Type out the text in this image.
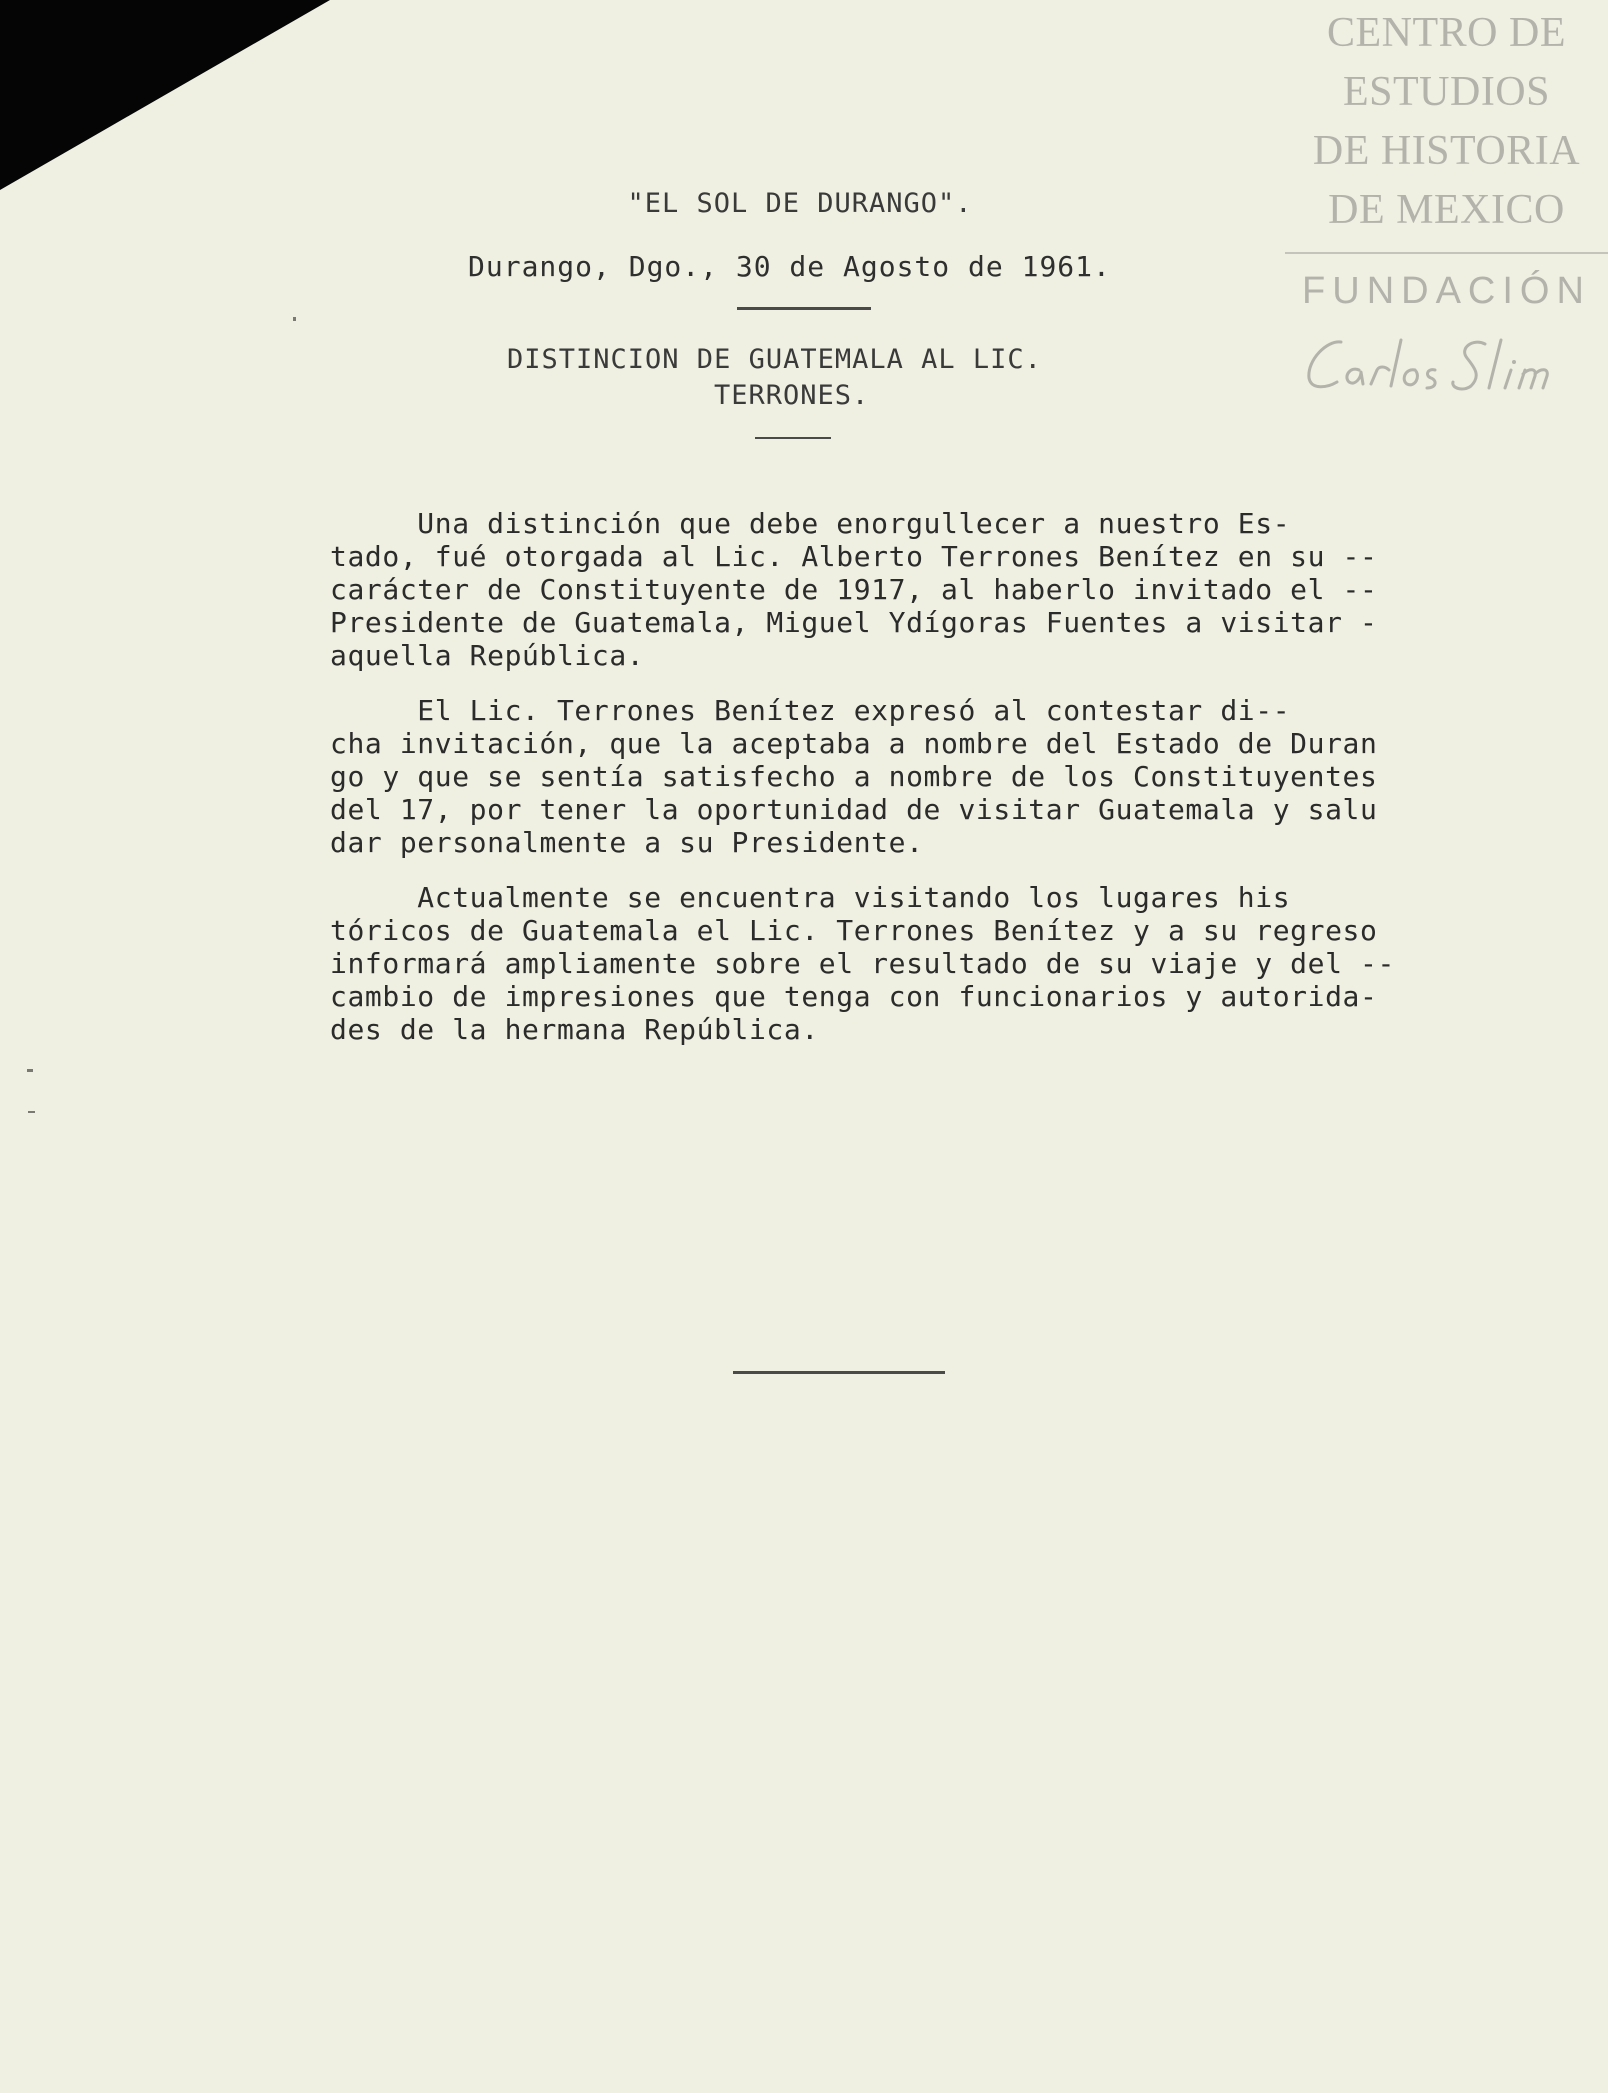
CENTRO DE
ESTUDIOS
DE HISTORIA
DE MEXICO
FUNDACIÓN
"EL SOL DE DURANGO".
Durango, Dgo., 30 de Agosto de 1961.
DISTINCION DE GUATEMALA AL LIC.
TERRONES.
Una distinción que debe enorgullecer a nuestro Es-
tado, fué otorgada al Lic. Alberto Terrones Benítez en su --
carácter de Constituyente de 1917, al haberlo invitado el --
Presidente de Guatemala, Miguel Ydígoras Fuentes a visitar -
aquella República.
El Lic. Terrones Benítez expresó al contestar di--
cha invitación, que la aceptaba a nombre del Estado de Duran
go y que se sentía satisfecho a nombre de los Constituyentes
del 17, por tener la oportunidad de visitar Guatemala y salu
dar personalmente a su Presidente.
Actualmente se encuentra visitando los lugares his
tóricos de Guatemala el Lic. Terrones Benítez y a su regreso
informará ampliamente sobre el resultado de su viaje y del --
cambio de impresiones que tenga con funcionarios y autorida-
des de la hermana República.
